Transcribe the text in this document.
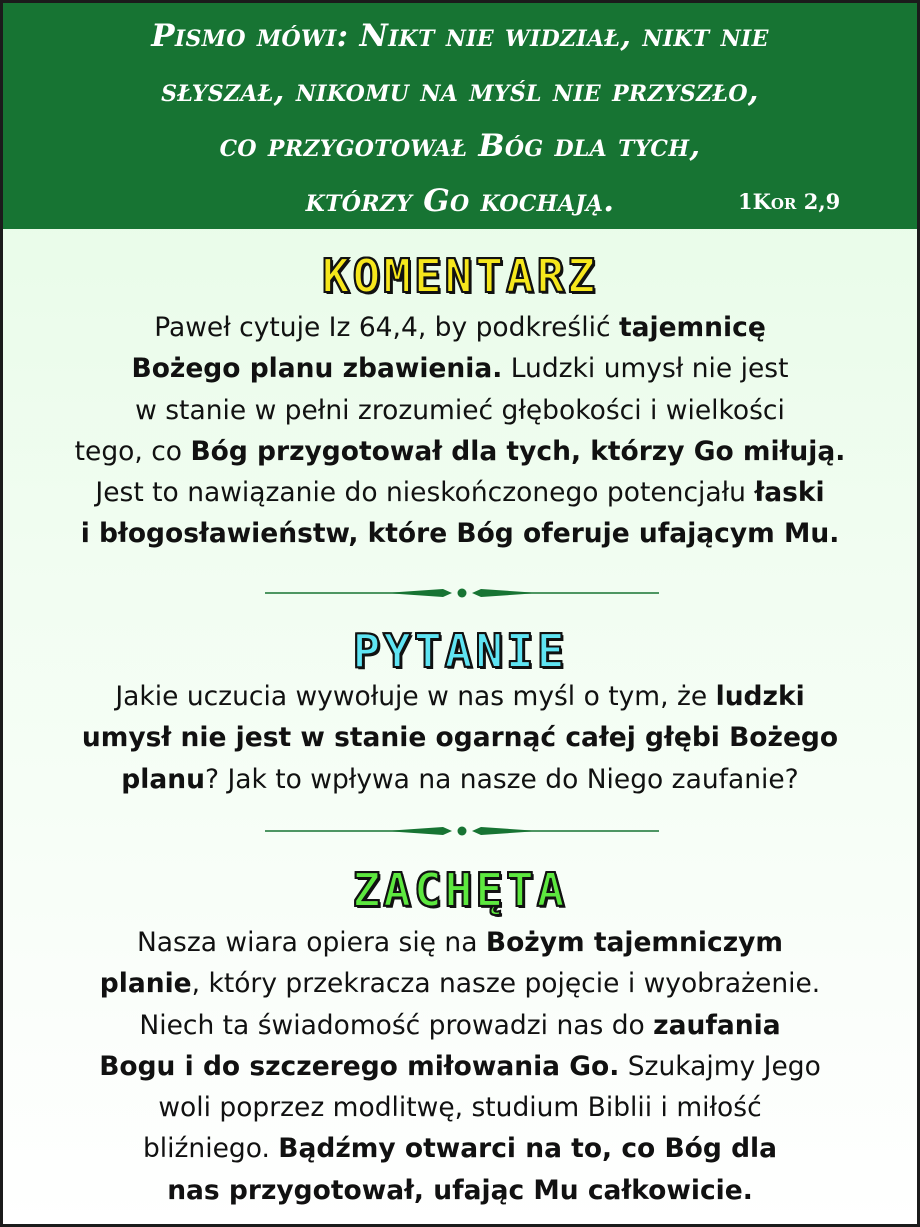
Pismo mówi: Nikt nie widział, nikt nie
słyszał, nikomu na myśl nie przyszło,
co przygotował Bóg dla tych,
którzy Go kochają.	1Kor 2,9
KOMENTARZ
Paweł cytuje Iz 64,4, by podkreślić tajemnicę
Bożego planu zbawienia. Ludzki umysł nie jest
w stanie w pełni zrozumieć głębokości i wielkości
tego, co Bóg przygotował dla tych, którzy Go miłują.
Jest to nawiązanie do nieskończonego potencjału łaski
i błogosławieństw, które Bóg oferuje ufającym Mu.
PYTANIE
Jakie uczucia wywołuje w nas myśl o tym, że ludzki
umysł nie jest w stanie ogarnąć całej głębi Bożego
planu? Jak to wpływa na nasze do Niego zaufanie?
ZACHĘTA
Nasza wiara opiera się na Bożym tajemniczym
planie, który przekracza nasze pojęcie i wyobrażenie.
Niech ta świadomość prowadzi nas do zaufania
Bogu i do szczerego miłowania Go. Szukajmy Jego
woli poprzez modlitwę, studium Biblii i miłość
bliźniego. Bądźmy otwarci na to, co Bóg dla
nas przygotował, ufając Mu całkowicie.
